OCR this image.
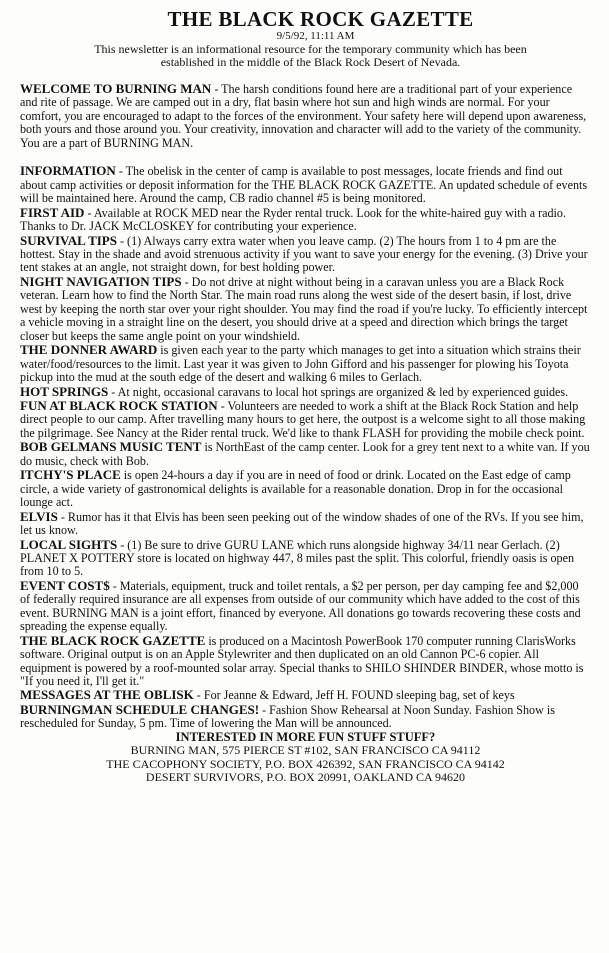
THE BLACK ROCK GAZETTE
9/5/92, 11:11 AM
This newsletter is an informational resource for the temporary community which has been
established in the middle of the Black Rock Desert of Nevada.

WELCOME TO BURNING MAN - The harsh conditions found here are a traditional part of your experience and rite of passage. We are camped out in a dry, flat basin where hot sun and high winds are normal. For your comfort, you are encouraged to adapt to the forces of the environment. Your safety here will depend upon awareness, both yours and those around you. Your creativity, innovation and character will add to the variety of the community. You are a part of BURNING MAN.

INFORMATION - The obelisk in the center of camp is available to post messages, locate friends and find out about camp activities or deposit information for the THE BLACK ROCK GAZETTE. An updated schedule of events will be maintained here. Around the camp, CB radio channel #5 is being monitored.

FIRST AID - Available at ROCK MED near the Ryder rental truck. Look for the white-haired guy with a radio. Thanks to Dr. JACK McCLOSKEY for contributing your experience.

SURVIVAL TIPS - (1) Always carry extra water when you leave camp. (2) The hours from 1 to 4 pm are the hottest. Stay in the shade and avoid strenuous activity if you want to save your energy for the evening. (3) Drive your tent stakes at an angle, not straight down, for best holding power.

NIGHT NAVIGATION TIPS - Do not drive at night without being in a caravan unless you are a Black Rock veteran. Learn how to find the North Star. The main road runs along the west side of the desert basin, if lost, drive west by keeping the north star over your right shoulder. You may find the road if you're lucky. To efficiently intercept a vehicle moving in a straight line on the desert, you should drive at a speed and direction which brings the target closer but keeps the same angle point on your windshield.

THE DONNER AWARD is given each year to the party which manages to get into a situation which strains their water/food/resources to the limit. Last year it was given to John Gifford and his passenger for plowing his Toyota pickup into the mud at the south edge of the desert and walking 6 miles to Gerlach.

HOT SPRINGS - At night, occasional caravans to local hot springs are organized & led by experienced guides.

FUN AT BLACK ROCK STATION - Volunteers are needed to work a shift at the Black Rock Station and help direct people to our camp. After travelling many hours to get here, the outpost is a welcome sight to all those making the pilgrimage. See Nancy at the Rider rental truck. We'd like to thank FLASH for providing the mobile check point.

BOB GELMANS MUSIC TENT is NorthEast of the camp center. Look for a grey tent next to a white van. If you do music, check with Bob.

ITCHY'S PLACE is open 24-hours a day if you are in need of food or drink. Located on the East edge of camp circle, a wide variety of gastronomical delights is available for a reasonable donation. Drop in for the occasional lounge act.

ELVIS - Rumor has it that Elvis has been seen peeking out of the window shades of one of the RVs. If you see him, let us know.

LOCAL SIGHTS - (1) Be sure to drive GURU LANE which runs alongside highway 34/11 near Gerlach. (2) PLANET X POTTERY store is located on highway 447, 8 miles past the split. This colorful, friendly oasis is open from 10 to 5.

EVENT COST$ - Materials, equipment, truck and toilet rentals, a $2 per person, per day camping fee and $2,000 of federally required insurance are all expenses from outside of our community which have added to the cost of this event. BURNING MAN is a joint effort, financed by everyone. All donations go towards recovering these costs and spreading the expense equally.

THE BLACK ROCK GAZETTE is produced on a Macintosh PowerBook 170 computer running ClarisWorks software. Original output is on an Apple Stylewriter and then duplicated on an old Cannon PC-6 copier. All equipment is powered by a roof-mounted solar array. Special thanks to SHILO SHINDER BINDER, whose motto is "If you need it, I'll get it."

MESSAGES AT THE OBLISK - For Jeanne & Edward, Jeff H. FOUND sleeping bag, set of keys

BURNINGMAN SCHEDULE CHANGES! - Fashion Show Rehearsal at Noon Sunday. Fashion Show is rescheduled for Sunday, 5 pm. Time of lowering the Man will be announced.

INTERESTED IN MORE FUN STUFF STUFF?
BURNING MAN, 575 PIERCE ST #102, SAN FRANCISCO CA 94112
THE CACOPHONY SOCIETY, P.O. BOX 426392, SAN FRANCISCO CA 94142
DESERT SURVIVORS, P.O. BOX 20991, OAKLAND CA 94620
